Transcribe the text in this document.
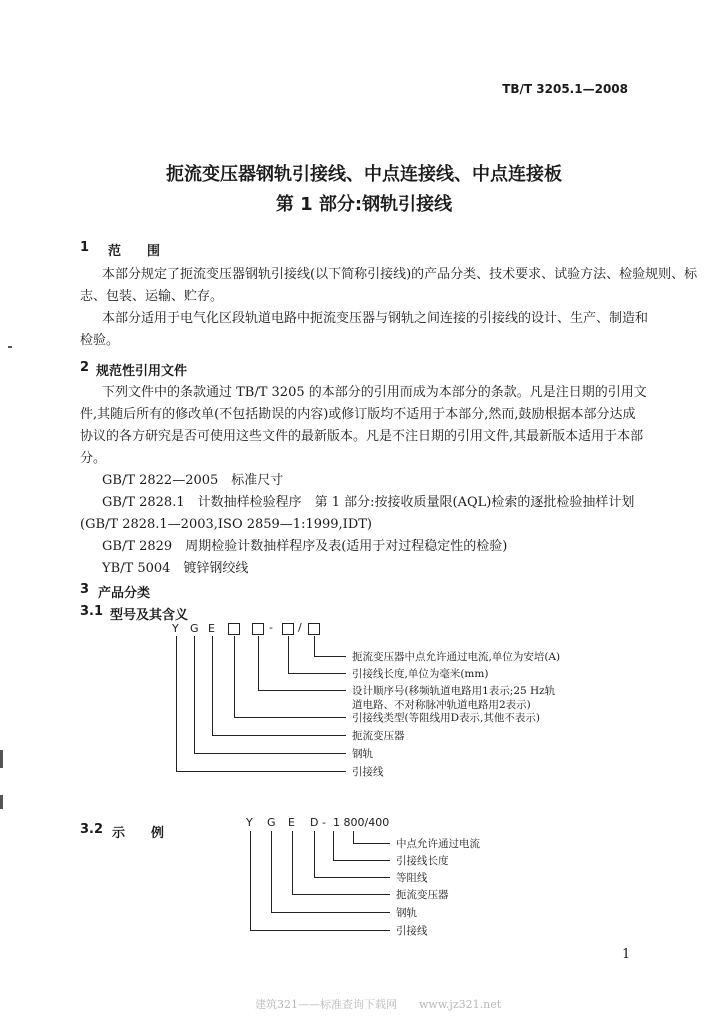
TB/T 3205.1—2008
扼流变压器钢轨引接线、中点连接线、中点连接板
第 1 部分:钢轨引接线
1 范　　围
本部分规定了扼流变压器钢轨引接线(以下简称引接线)的产品分类、技术要求、试验方法、检验规则、标
志、包装、运输、贮存。
本部分适用于电气化区段轨道电路中扼流变压器与钢轨之间连接的引接线的设计、生产、制造和
检验。
2 规范性引用文件
下列文件中的条款通过 TB/T 3205 的本部分的引用而成为本部分的条款。凡是注日期的引用文
件,其随后所有的修改单(不包括勘误的内容)或修订版均不适用于本部分,然而,鼓励根据本部分达成
协议的各方研究是否可使用这些文件的最新版本。凡是不注日期的引用文件,其最新版本适用于本部
分。
GB/T 2822—2005　标准尺寸
GB/T 2828.1　计数抽样检验程序　第 1 部分:按接收质量限(AQL)检索的逐批检验抽样计划
(GB/T 2828.1—2003,ISO 2859—1:1999,IDT)
GB/T 2829　周期检验计数抽样程序及表(适用于对过程稳定性的检验)
YB/T 5004　镀锌钢绞线
3 产品分类
3.1 型号及其含义
Y G E	- /
扼流变压器中点允许通过电流,单位为安培(A)
引接线长度,单位为毫米(mm)
设计顺序号(移频轨道电路用1表示;25 Hz轨
道电路、不对称脉冲轨道电路用2表示)
引接线类型(等阻线用D表示,其他不表示)
扼流变压器
钢轨
引接线
3.2 示　　例
Y G E D - 1 800/400
中点允许通过电流
引接线长度
等阻线
扼流变压器
钢轨
引接线
1
建筑321——标准查询下载网　　www.jz321.net
